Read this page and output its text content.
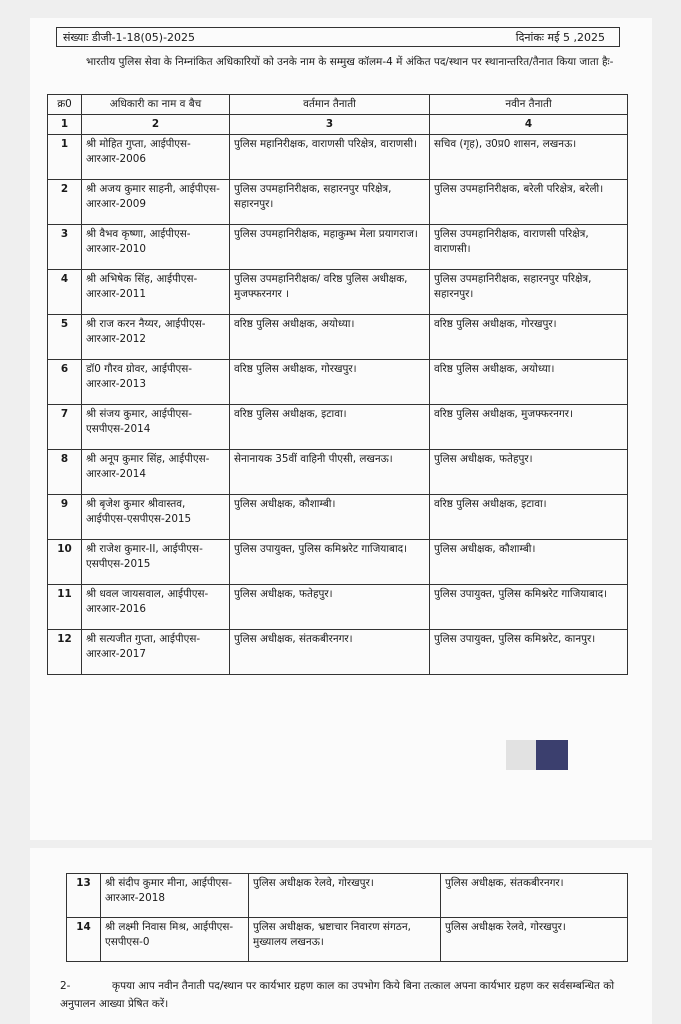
संख्याः डीजी-1-18(05)-2025	दिनांकः मई 5 ,2025
भारतीय पुलिस सेवा के निम्नांकित अधिकारियों को उनके नाम के सम्मुख कॉलम-4 में अंकित पद/स्थान पर स्थानान्तरित/तैनात किया जाता हैः-
क्र0	अधिकारी का नाम व बैच	वर्तमान तैनाती	नवीन तैनाती
1	2	3	4
1	श्री मोहित गुप्ता, आईपीएस-आरआर-2006	पुलिस महानिरीक्षक, वाराणसी परिक्षेत्र, वाराणसी।	सचिव (गृह), उ0प्र0 शासन, लखनऊ।
2	श्री अजय कुमार साहनी, आईपीएस-आरआर-2009	पुलिस उपमहानिरीक्षक, सहारनपुर परिक्षेत्र, सहारनपुर।	पुलिस उपमहानिरीक्षक, बरेली परिक्षेत्र, बरेली।
3	श्री वैभव कृष्णा, आईपीएस-आरआर-2010	पुलिस उपमहानिरीक्षक, महाकुम्भ मेला प्रयागराज।	पुलिस उपमहानिरीक्षक, वाराणसी परिक्षेत्र, वाराणसी।
4	श्री अभिषेक सिंह, आईपीएस-आरआर-2011	पुलिस उपमहानिरीक्षक/ वरिष्ठ पुलिस अधीक्षक, मुजफ्फरनगर ।	पुलिस उपमहानिरीक्षक, सहारनपुर परिक्षेत्र, सहारनपुर।
5	श्री राज करन नैय्यर, आईपीएस-आरआर-2012	वरिष्ठ पुलिस अधीक्षक, अयोध्या।	वरिष्ठ पुलिस अधीक्षक, गोरखपुर।
6	डॉ0 गौरव ग्रोवर, आईपीएस-आरआर-2013	वरिष्ठ पुलिस अधीक्षक, गोरखपुर।	वरिष्ठ पुलिस अधीक्षक, अयोध्या।
7	श्री संजय कुमार, आईपीएस-एसपीएस-2014	वरिष्ठ पुलिस अधीक्षक, इटावा।	वरिष्ठ पुलिस अधीक्षक, मुजफ्फरनगर।
8	श्री अनूप कुमार सिंह, आईपीएस-आरआर-2014	सेनानायक 35वीं वाहिनी पीएसी, लखनऊ।	पुलिस अधीक्षक, फतेहपुर।
9	श्री बृजेश कुमार श्रीवास्तव, आईपीएस-एसपीएस-2015	पुलिस अधीक्षक, कौशाम्बी।	वरिष्ठ पुलिस अधीक्षक, इटावा।
10	श्री राजेश कुमार-II, आईपीएस-एसपीएस-2015	पुलिस उपायुक्त, पुलिस कमिश्नरेट गाजियाबाद।	पुलिस अधीक्षक, कौशाम्बी।
11	श्री धवल जायसवाल, आईपीएस-आरआर-2016	पुलिस अधीक्षक, फतेहपुर।	पुलिस उपायुक्त, पुलिस कमिश्नरेट गाजियाबाद।
12	श्री सत्यजीत गुप्ता, आईपीएस-आरआर-2017	पुलिस अधीक्षक, संतकबीरनगर।	पुलिस उपायुक्त, पुलिस कमिश्नरेट, कानपुर।
13	श्री संदीप कुमार मीना, आईपीएस-आरआर-2018	पुलिस अधीक्षक रेलवे, गोरखपुर।	पुलिस अधीक्षक, संतकबीरनगर।
14	श्री लक्ष्मी निवास मिश्र, आईपीएस-एसपीएस-0	पुलिस अधीक्षक, भ्रष्टाचार निवारण संगठन, मुख्यालय लखनऊ।	पुलिस अधीक्षक रेलवे, गोरखपुर।
2-	कृपया आप नवीन तैनाती पद/स्थान पर कार्यभार ग्रहण काल का उपभोग किये बिना तत्काल अपना कार्यभार ग्रहण कर सर्वसम्बन्धित को अनुपालन आख्या प्रेषित करें।
